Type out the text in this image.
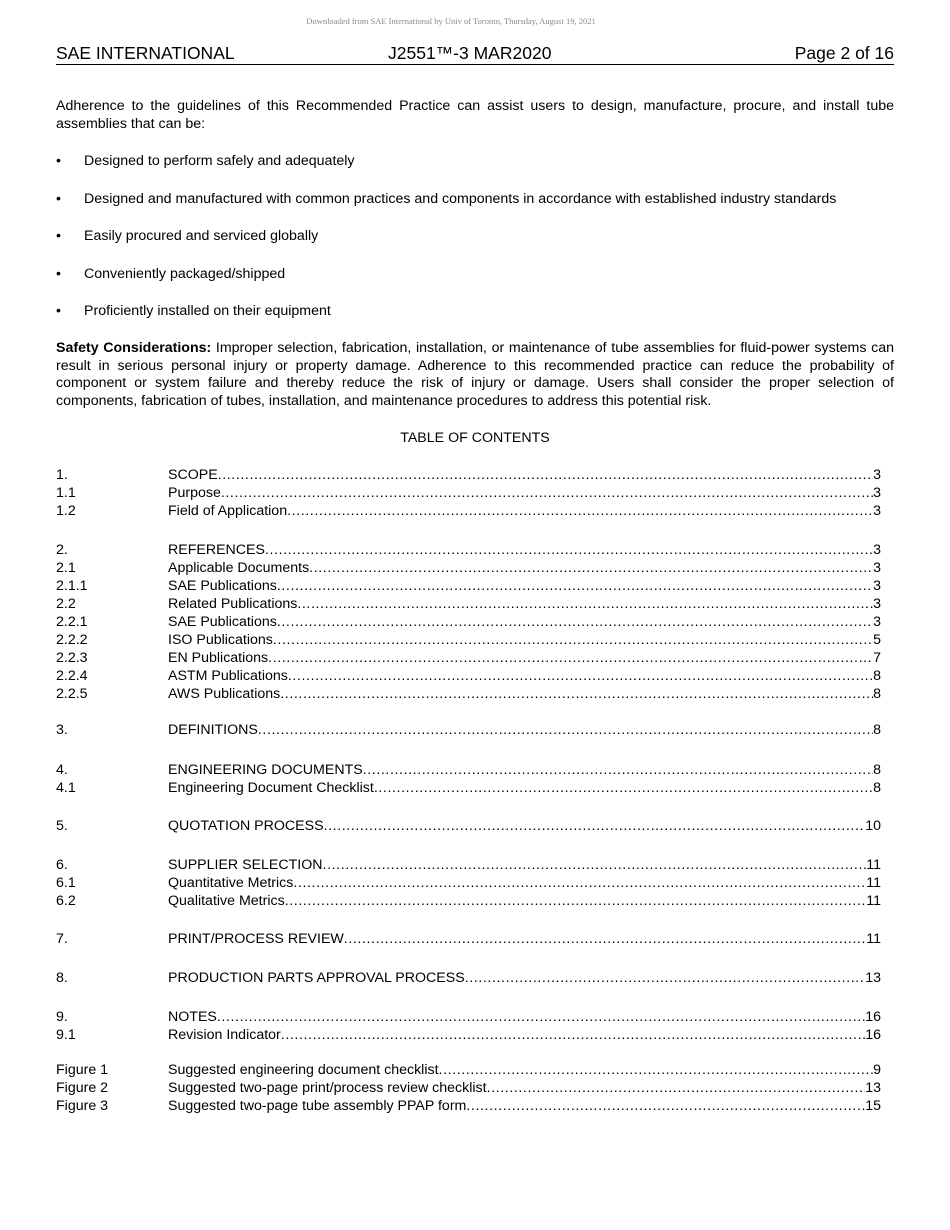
Downloaded from SAE International by Univ of Toronto, Thursday, August 19, 2021
SAE INTERNATIONAL	J2551™-3 MAR2020	Page 2 of 16
Adherence to the guidelines of this Recommended Practice can assist users to design, manufacture, procure, and install tube assemblies that can be:
• Designed to perform safely and adequately
• Designed and manufactured with common practices and components in accordance with established industry standards
• Easily procured and serviced globally
• Conveniently packaged/shipped
• Proficiently installed on their equipment
Safety Considerations: Improper selection, fabrication, installation, or maintenance of tube assemblies for fluid-power systems can result in serious personal injury or property damage. Adherence to this recommended practice can reduce the probability of component or system failure and thereby reduce the risk of injury or damage. Users shall consider the proper selection of components, fabrication of tubes, installation, and maintenance procedures to address this potential risk.
TABLE OF CONTENTS
1.	SCOPE .....	3
1.1	Purpose .....	3
1.2	Field of Application .....	3
2.	REFERENCES .....	3
2.1	Applicable Documents .....	3
2.1.1	SAE Publications .....	3
2.2	Related Publications .....	3
2.2.1	SAE Publications .....	3
2.2.2	ISO Publications .....	5
2.2.3	EN Publications .....	7
2.2.4	ASTM Publications .....	8
2.2.5	AWS Publications .....	8
3.	DEFINITIONS .....	8
4.	ENGINEERING DOCUMENTS .....	8
4.1	Engineering Document Checklist .....	8
5.	QUOTATION PROCESS .....	10
6.	SUPPLIER SELECTION .....	11
6.1	Quantitative Metrics .....	11
6.2	Qualitative Metrics .....	11
7.	PRINT/PROCESS REVIEW .....	11
8.	PRODUCTION PARTS APPROVAL PROCESS .....	13
9.	NOTES .....	16
9.1	Revision Indicator .....	16
Figure 1	Suggested engineering document checklist .....	9
Figure 2	Suggested two-page print/process review checklist .....	13
Figure 3	Suggested two-page tube assembly PPAP form .....	15
